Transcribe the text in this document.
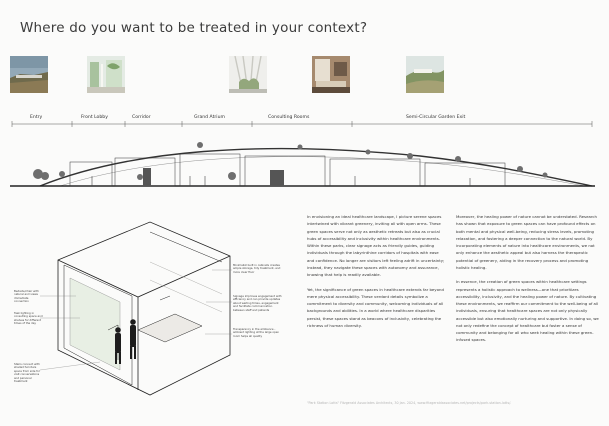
Where do you want to be treated in your context?
Entry	Front Lobby	Corridor	Grand Atrium	Consulting Rooms	Semi-Circular Garden Exit
Bedside/chair with natural and views immediate connection
Task lighting in consulting space and shelves for different times of the day
Stairs connect with shaded furniture space from side for visit conversations and personal treatment
Minimalist built in cabinets creates ample storage, tidy treatment, and more clear floor
Signage improves engagement with efficiency and can provide updates about waiting times, engagement and facilitate communication between staff and patients
Transparency in the ambience - ambient lighting at the large open room helps all quality

In envisioning an ideal healthcare landscape, I picture serene spaces intertwined with vibrant greenery, inviting all with open arms. These green spaces serve not only as aesthetic retreats but also as crucial hubs of accessibility and inclusivity within healthcare environments. Within these parks, clear signage acts as friendly guides, guiding individuals through the labyrinthine corridors of hospitals with ease and confidence. No longer are visitors left feeling adrift in uncertainty; instead, they navigate these spaces with autonomy and assurance, knowing that help is readily available.

Yet, the significance of green spaces in healthcare extends far beyond mere physical accessibility. These verdant details symbolize a commitment to diversity and community, welcoming individuals of all backgrounds and abilities. In a world where healthcare disparities persist, these spaces stand as beacons of inclusivity, celebrating the richness of human diversity.

Moreover, the healing power of nature cannot be understated. Research has shown that exposure to green spaces can have profound effects on both mental and physical well-being, reducing stress levels, promoting relaxation, and fostering a deeper connection to the natural world. By incorporating elements of nature into healthcare environments, we not only enhance the aesthetic appeal but also harness the therapeutic potential of greenery, aiding in the recovery process and promoting holistic healing.

In essence, the creation of green spaces within healthcare settings represents a holistic approach to wellness—one that prioritizes accessibility, inclusivity, and the healing power of nature. By cultivating these environments, we reaffirm our commitment to the well-being of all individuals, ensuring that healthcare spaces are not only physically accessible but also emotionally nurturing and supportive. In doing so, we not only redefine the concept of healthcare but foster a sense of community and belonging for all who seek healing within these green-infused spaces.

"Park Station Lotts" Fitzgerald Associates Architects, 30 Jan. 2024, www.fitzgeraldassociates.net/projects/park-station-lotts/.
